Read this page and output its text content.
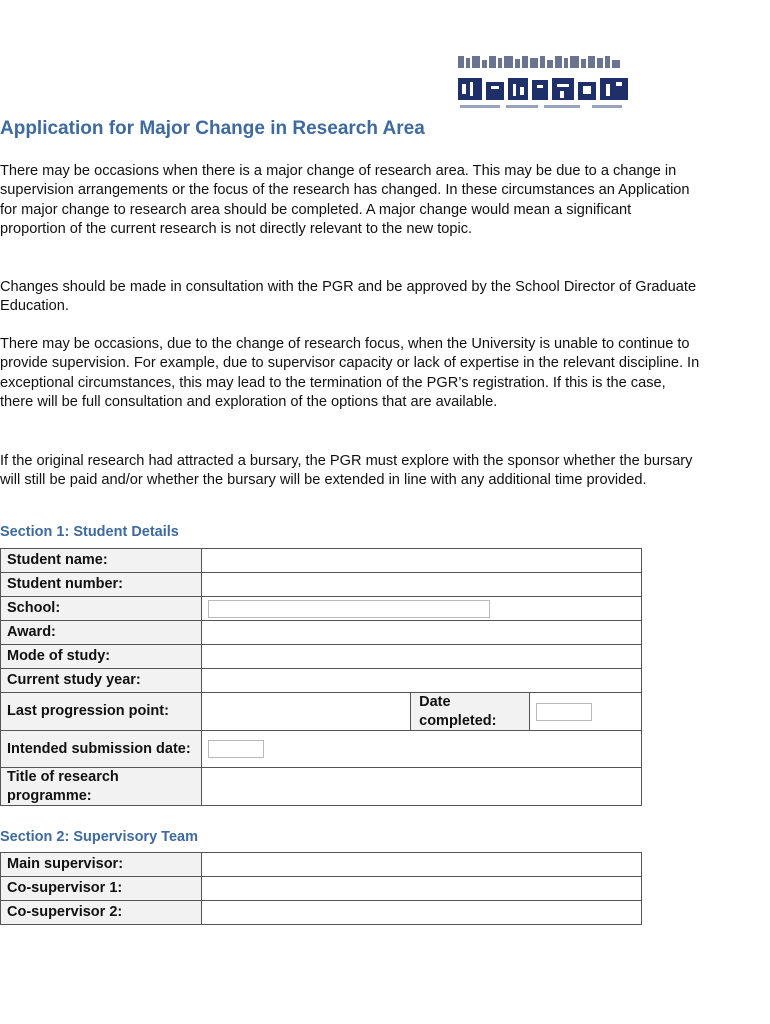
Application for Major Change in Research Area

There may be occasions when there is a major change of research area. This may be due to a change in supervision arrangements or the focus of the research has changed. In these circumstances an Application for major change to research area should be completed. A major change would mean a significant proportion of the current research is not directly relevant to the new topic.

Changes should be made in consultation with the PGR and be approved by the School Director of Graduate Education.

There may be occasions, due to the change of research focus, when the University is unable to continue to provide supervision. For example, due to supervisor capacity or lack of expertise in the relevant discipline. In exceptional circumstances, this may lead to the termination of the PGR’s registration. If this is the case, there will be full consultation and exploration of the options that are available.

If the original research had attracted a bursary, the PGR must explore with the sponsor whether the bursary will still be paid and/or whether the bursary will be extended in line with any additional time provided.

Section 1: Student Details
Student name:			
Student number:			
School:			
Award:			
Mode of study:			
Current study year:			
Last progression point:		Date completed:	
Intended submission date:			
Title of research programme:			
Section 2: Supervisory Team
Main supervisor:	
Co-supervisor 1:	
Co-supervisor 2:	
